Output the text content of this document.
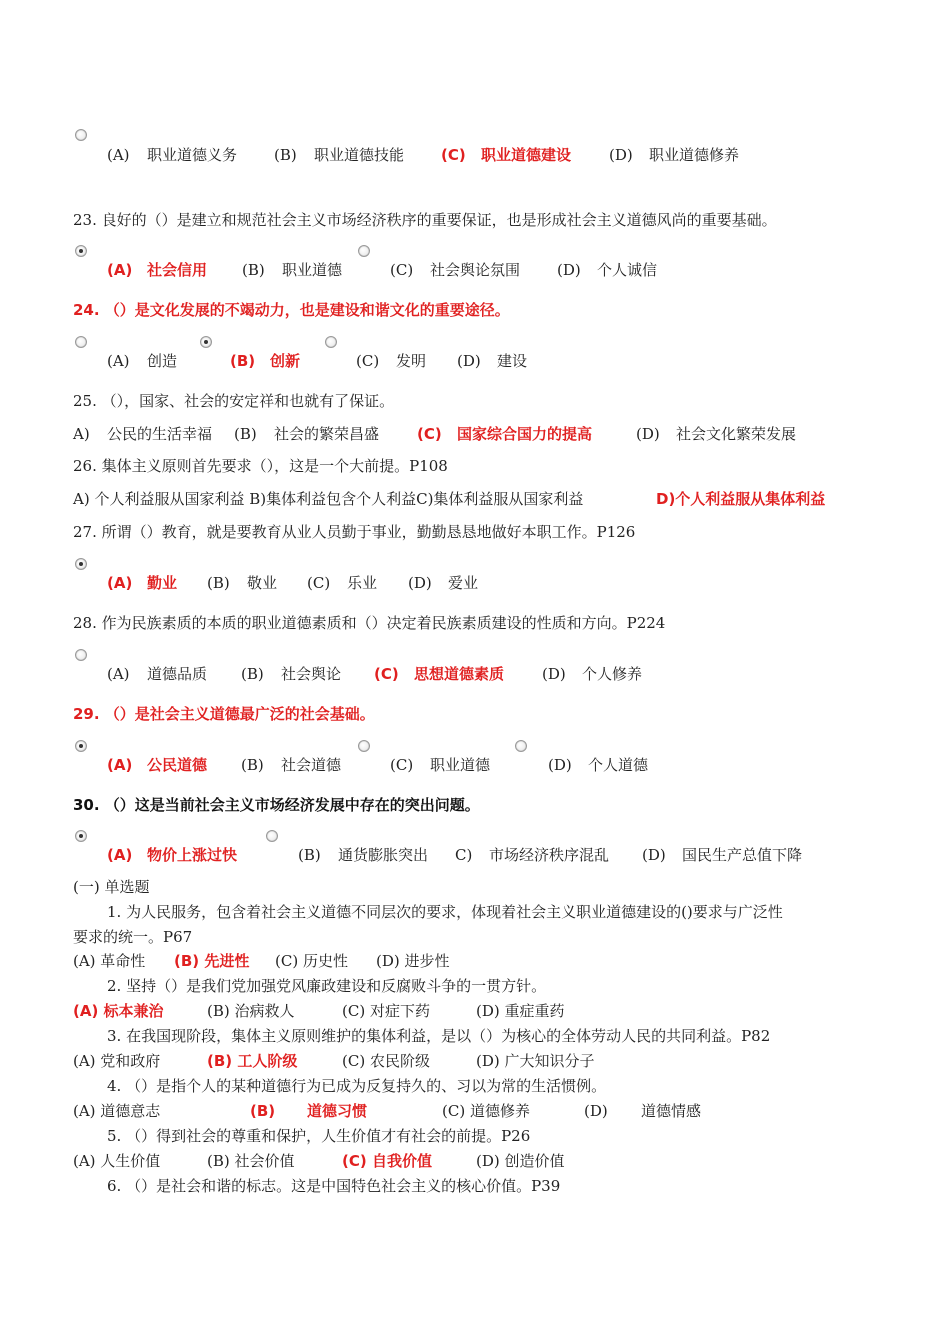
(A) 职业道德义务 (B) 职业道德技能 (C) 职业道德建设	(D) 职业道德修养
23. 良好的（）是建立和规范社会主义市场经济秩序的重要保证，也是形成社会主义道德风尚的重要基础。
(A) 社会信用 (B) 职业道德	(C) 社会舆论氛围 (D) 个人诚信
24. （）是文化发展的不竭动力，也是建设和谐文化的重要途径。
(A) 创造	(B) 创新	(C) 发明 (D) 建设
25. （），国家、社会的安定祥和也就有了保证。
A) 公民的生活幸福 (B) 社会的繁荣昌盛	(C) 国家综合国力的提高	(D) 社会文化繁荣发展
26. 集体主义原则首先要求（），这是一个大前提。P108
A) 个人利益服从国家利益 B)集体利益包含个人利益C)集体利益服从国家利益	D)个人利益服从集体利益
27. 所谓（）教育，就是要教育从业人员勤于事业，勤勤恳恳地做好本职工作。P126
(A) 勤业 (B) 敬业 (C) 乐业 (D) 爱业
28. 作为民族素质的本质的职业道德素质和（）决定着民族素质建设的性质和方向。P224
(A) 道德品质 (B) 社会舆论 (C) 思想道德素质	(D) 个人修养
29. （）是社会主义道德最广泛的社会基础。
(A) 公民道德 (B) 社会道德	(C) 职业道德	(D) 个人道德
30. （）这是当前社会主义市场经济发展中存在的突出问题。
(A) 物价上涨过快	(B) 通货膨胀突出 C) 市场经济秩序混乱 (D) 国民生产总值下降
(一) 单选题
1. 为人民服务，包含着社会主义道德不同层次的要求，体现着社会主义职业道德建设的()要求与广泛性
要求的统一。P67
(A) 革命性 (B) 先进性 (C) 历史性 (D) 进步性
2. 坚持（）是我们党加强党风廉政建设和反腐败斗争的一贯方针。
(A) 标本兼治	(B) 治病救人	(C) 对症下药	(D) 重症重药
3. 在我国现阶段，集体主义原则维护的集体利益，是以（）为核心的全体劳动人民的共同利益。P82
(A) 党和政府	(B) 工人阶级	(C) 农民阶级	(D) 广大知识分子
4. （）是指个人的某种道德行为已成为反复持久的、习以为常的生活惯例。
(A) 道德意志	(B) 道德习惯	(C) 道德修养	(D) 道德情感
5. （）得到社会的尊重和保护，人生价值才有社会的前提。P26
(A) 人生价值	(B) 社会价值	(C) 自我价值	(D) 创造价值
6. （）是社会和谐的标志。这是中国特色社会主义的核心价值。P39
